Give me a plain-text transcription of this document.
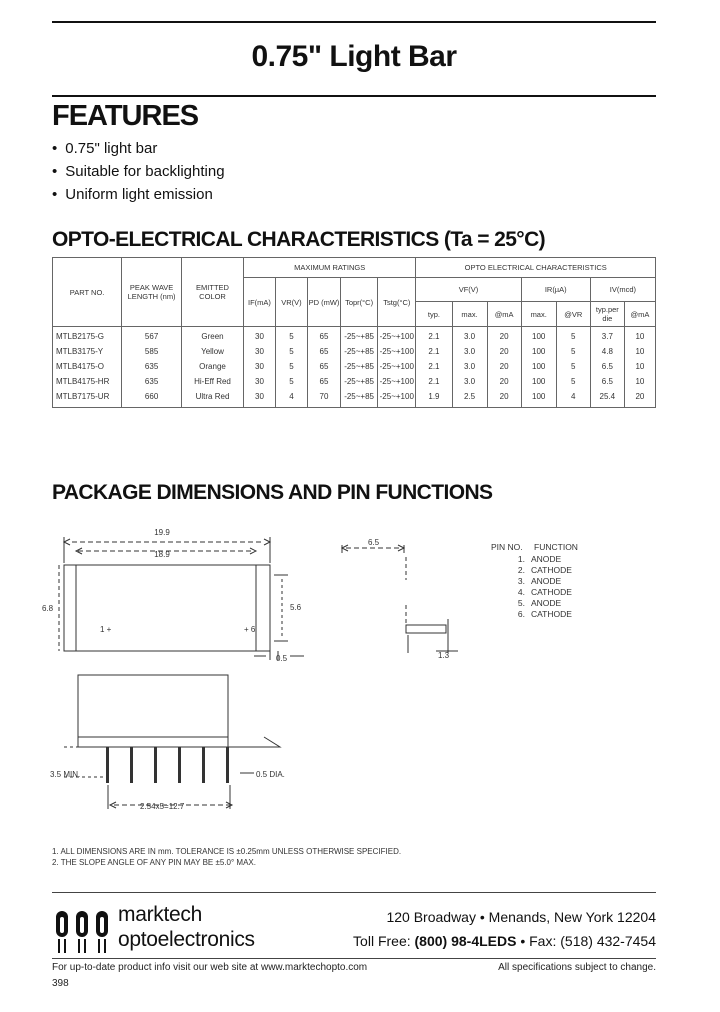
0.75" Light Bar
FEATURES
• 0.75" light bar
• Suitable for backlighting
• Uniform light emission
OPTO-ELECTRICAL CHARACTERISTICS (Ta = 25°C)
PART NO.	PEAK WAVE LENGTH (nm)	EMITTED COLOR	MAXIMUM RATINGS					OPTO ELECTRICAL CHARACTERISTICS						
			IF(mA)	VR(V)	PD (mW)	Topr(°C)	Tstg(°C)	VF(V)			IR(µA)		IV(mcd)	
								typ.	max.	@mA	max.	@VR	typ.per die	@mA
MTLB2175-G	567	Green	30	5	65	-25~+85	-25~+100	2.1	3.0	20	100	5	3.7	10
MTLB3175-Y	585	Yellow	30	5	65	-25~+85	-25~+100	2.1	3.0	20	100	5	4.8	10
MTLB4175-O	635	Orange	30	5	65	-25~+85	-25~+100	2.1	3.0	20	100	5	6.5	10
MTLB4175-HR	635	Hi-Eff Red	30	5	65	-25~+85	-25~+100	2.1	3.0	20	100	5	6.5	10
MTLB7175-UR	660	Ultra Red	30	4	70	-25~+85	-25~+100	1.9	2.5	20	100	4	25.4	20
PACKAGE DIMENSIONS AND PIN FUNCTIONS
19.9
18.9
6.8	5.6
0.5
1 +	+ 6
6.5
1.3
3.5 MIN.	0.5 DIA.
2.54x5=12.7
PIN NO. FUNCTION
1. ANODE
2. CATHODE
3. ANODE
4. CATHODE
5. ANODE
6. CATHODE
1. ALL DIMENSIONS ARE IN mm. TOLERANCE IS ±0.25mm UNLESS OTHERWISE SPECIFIED.
2. THE SLOPE ANGLE OF ANY PIN MAY BE ±5.0° MAX.
marktech
optoelectronics
120 Broadway • Menands, New York 12204
Toll Free: (800) 98-4LEDS • Fax: (518) 432-7454
For up-to-date product info visit our web site at www.marktechopto.com	All specifications subject to change.
398
